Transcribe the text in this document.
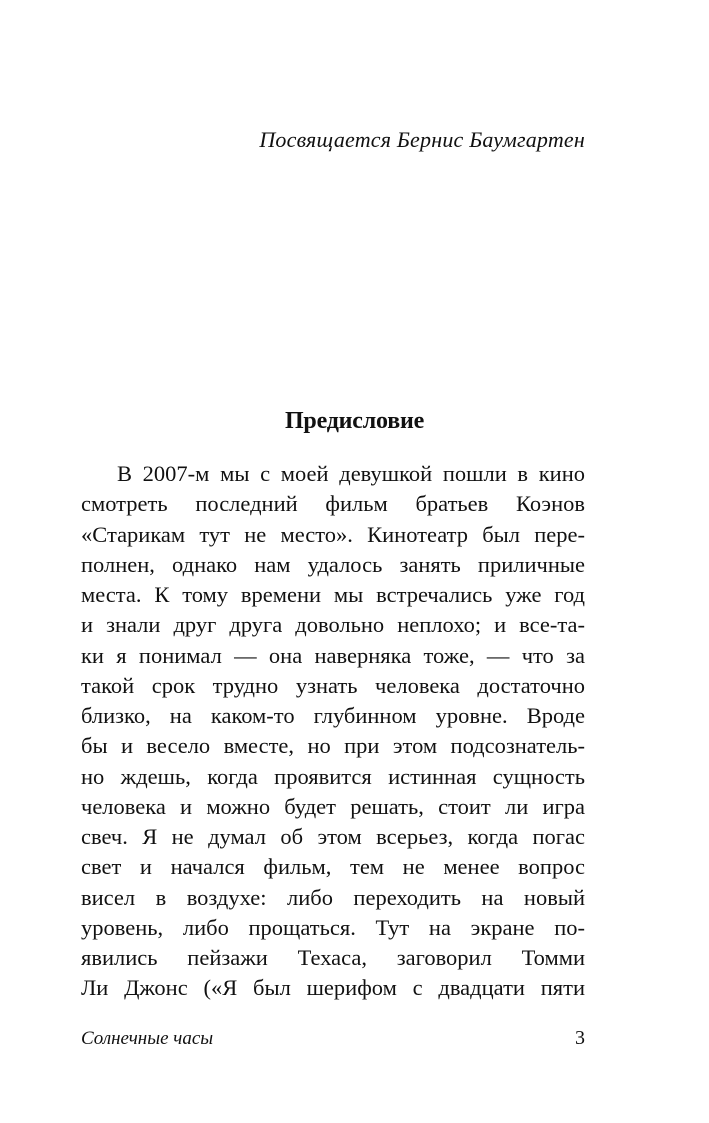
Посвящается Бернис Баумгартен
Предисловие
В 2007-м мы с моей девушкой пошли в кино
смотреть последний фильм братьев Коэнов
«Старикам тут не место». Кинотеатр был пере-
полнен, однако нам удалось занять приличные
места. К тому времени мы встречались уже год
и знали друг друга довольно неплохо; и все-та-
ки я понимал — она наверняка тоже, — что за
такой срок трудно узнать человека достаточно
близко, на каком-то глубинном уровне. Вроде
бы и весело вместе, но при этом подсознатель-
но ждешь, когда проявится истинная сущность
человека и можно будет решать, стоит ли игра
свеч. Я не думал об этом всерьез, когда погас
свет и начался фильм, тем не менее вопрос
висел в воздухе: либо переходить на новый
уровень, либо прощаться. Тут на экране по-
явились пейзажи Техаса, заговорил Томми
Ли Джонс («Я был шерифом с двадцати пяти
Солнечные часы	3
